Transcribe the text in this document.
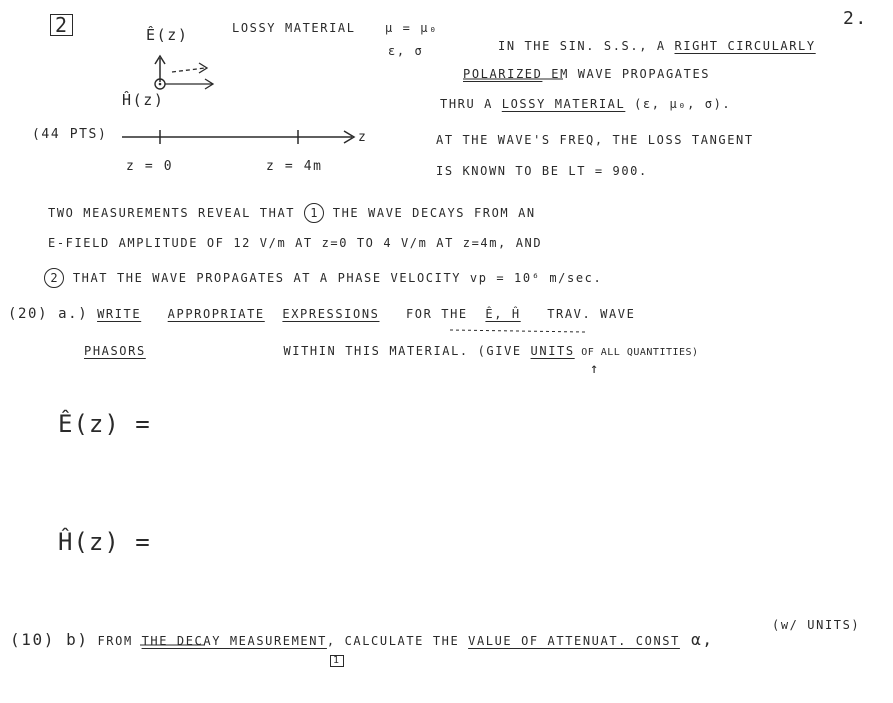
2.
2	Ê(z)	LOSSY MATERIAL μ = μ₀
ε, σ
Ĥ(z)
(44 PTS)	z
z = 0	z = 4m
IN THE SIN. S.S., A RIGHT CIRCULARLY
POLARIZED EM WAVE PROPAGATES
THRU A LOSSY MATERIAL (ε, μ₀, σ).
AT THE WAVE'S FREQ, THE LOSS TANGENT
IS KNOWN TO BE LT = 900.
TWO MEASUREMENTS REVEAL THAT 1 THE WAVE DECAYS FROM AN
E-FIELD AMPLITUDE OF 12 V/m AT z=0 TO 4 V/m AT z=4m, AND
2 THAT THE WAVE PROPAGATES AT A PHASE VELOCITY vp = 10⁶ m/sec.
(20) a.) WRITE APPROPRIATE EXPRESSIONS FOR THE Ê, Ĥ TRAV. WAVE
PHASORS	WITHIN THIS MATERIAL. (GIVE UNITS OF ALL QUANTITIES)
↑
Ê(z) =
Ĥ(z) =
(w/ UNITS)
(10) b) FROM THE DECAY MEASUREMENT, CALCULATE THE VALUE OF ATTENUAT. CONST α,
1
